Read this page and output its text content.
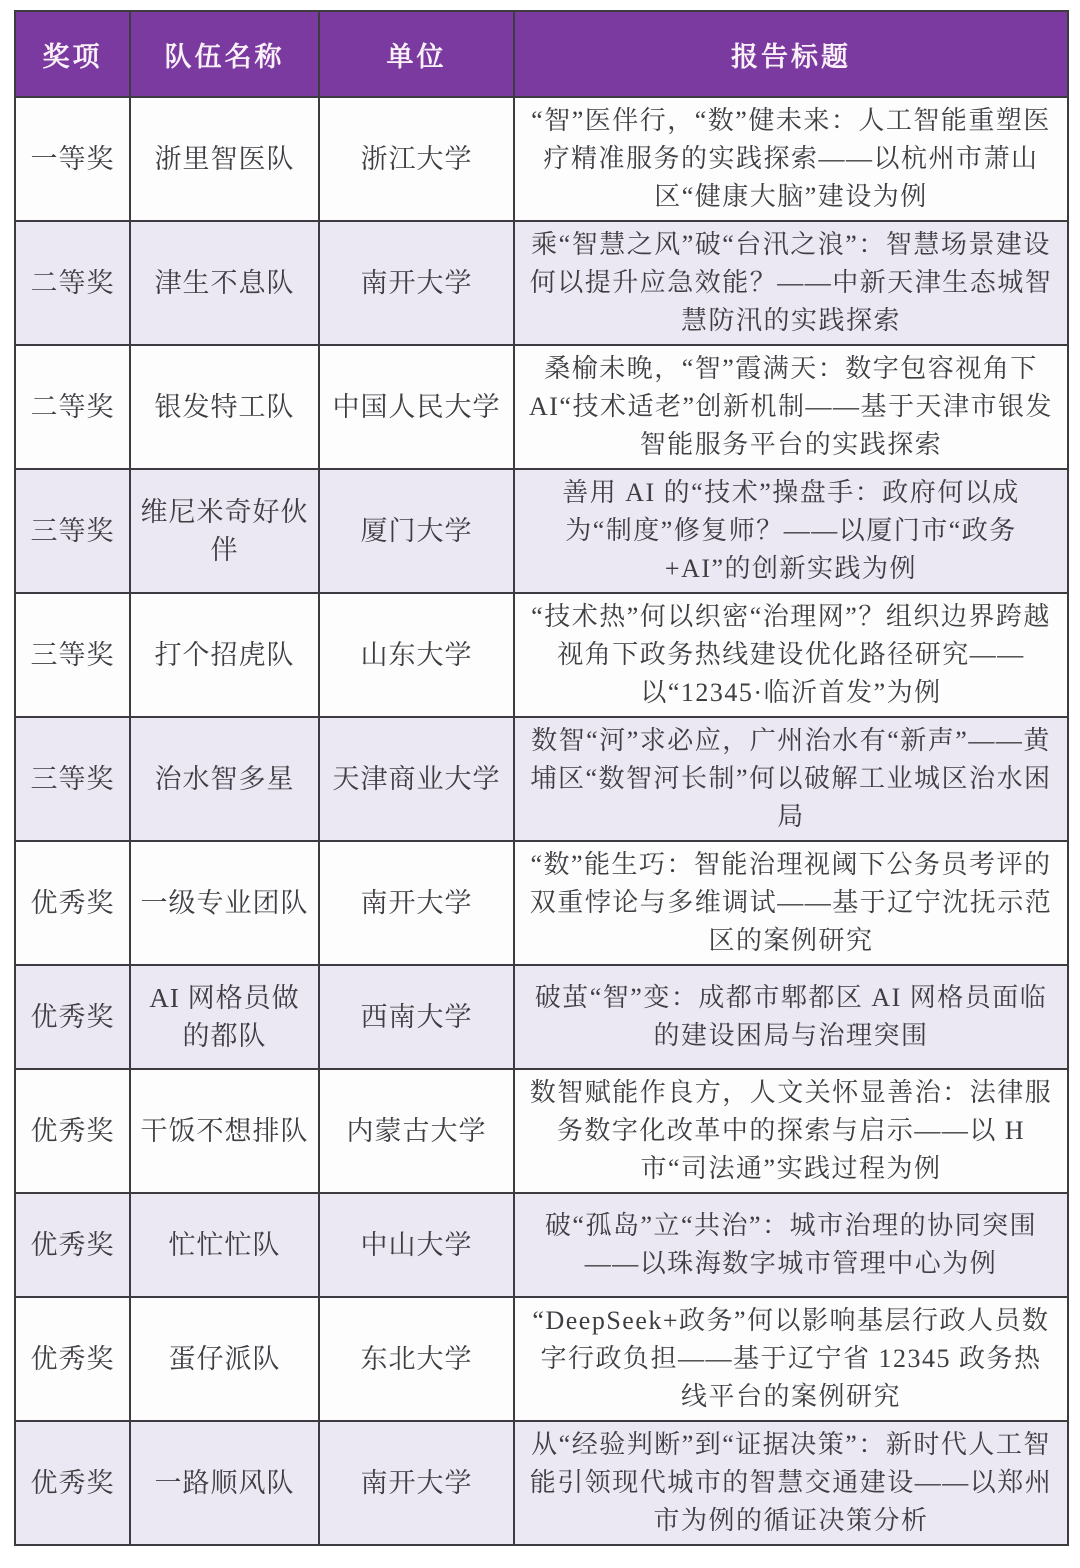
奖项	队伍名称	单位	报告标题
一等奖	浙里智医队	浙江大学	“智”医伴行，“数”健未来：人工智能重塑医疗精准服务的实践探索——以杭州市萧山区“健康大脑”建设为例
二等奖	津生不息队	南开大学	乘“智慧之风”破“台汛之浪”：智慧场景建设何以提升应急效能？——中新天津生态城智慧防汛的实践探索
二等奖	银发特工队	中国人民大学	桑榆未晚，“智”霞满天：数字包容视角下 AI“技术适老”创新机制——基于天津市银发智能服务平台的实践探索
三等奖	维尼米奇好伙伴	厦门大学	善用 AI 的“技术”操盘手：政府何以成为“制度”修复师？——以厦门市“政务+AI”的创新实践为例
三等奖	打个招虎队	山东大学	“技术热”何以织密“治理网”？组织边界跨越视角下政务热线建设优化路径研究——以“12345·临沂首发”为例
三等奖	治水智多星	天津商业大学	数智“河”求必应，广州治水有“新声”——黄埔区“数智河长制”何以破解工业城区治水困局
优秀奖	一级专业团队	南开大学	“数”能生巧：智能治理视阈下公务员考评的双重悖论与多维调试——基于辽宁沈抚示范区的案例研究
优秀奖	AI 网格员做的都队	西南大学	破茧“智”变：成都市郫都区 AI 网格员面临的建设困局与治理突围
优秀奖	干饭不想排队	内蒙古大学	数智赋能作良方，人文关怀显善治：法律服务数字化改革中的探索与启示——以 H 市“司法通”实践过程为例
优秀奖	忙忙忙队	中山大学	破“孤岛”立“共治”：城市治理的协同突围——以珠海数字城市管理中心为例
优秀奖	蛋仔派队	东北大学	“DeepSeek+政务”何以影响基层行政人员数字行政负担——基于辽宁省 12345 政务热线平台的案例研究
优秀奖	一路顺风队	南开大学	从“经验判断”到“证据决策”：新时代人工智能引领现代城市的智慧交通建设——以郑州市为例的循证决策分析
